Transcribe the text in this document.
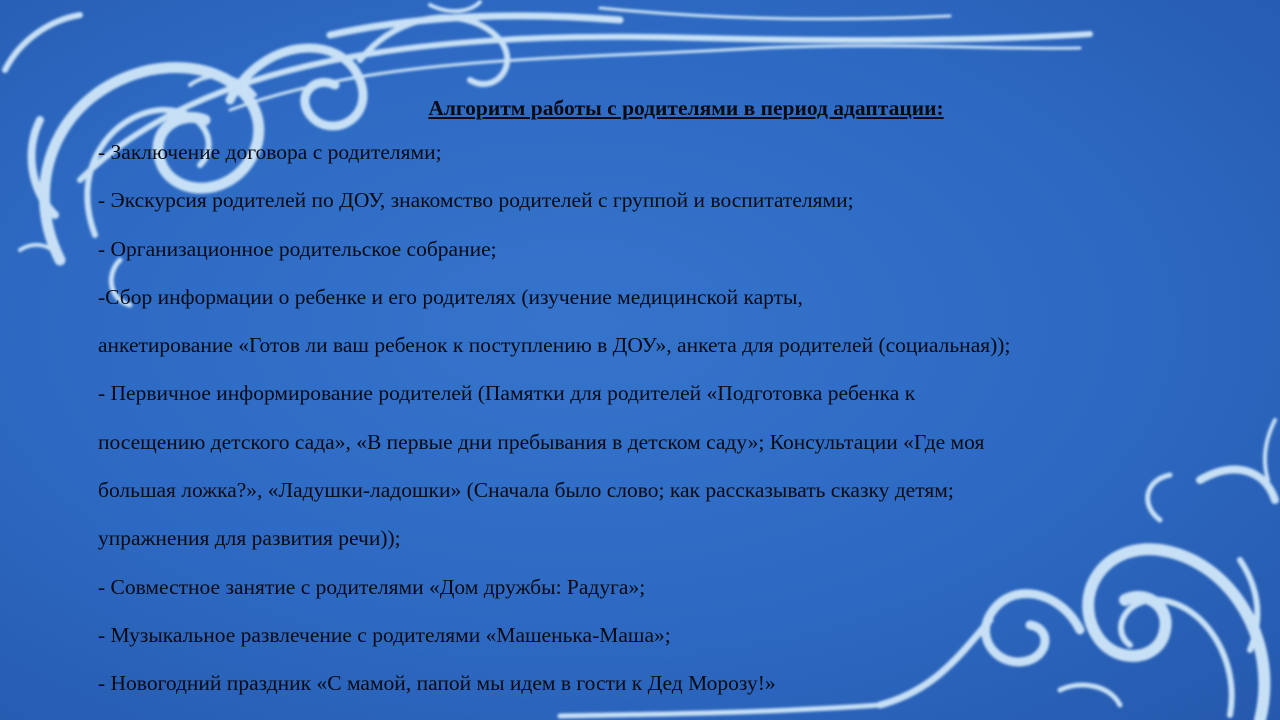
Алгоритм работы с родителями в период адаптации:
- Заключение договора с родителями;
- Экскурсия родителей по ДОУ, знакомство родителей с группой и воспитателями;
- Организационное родительское собрание;
-Сбор информации о ребенке и его родителях (изучение медицинской карты,
анкетирование «Готов ли ваш ребенок к поступлению в ДОУ», анкета для родителей (социальная));
- Первичное информирование родителей (Памятки для родителей «Подготовка ребенка к
посещению детского сада», «В первые дни пребывания в детском саду»; Консультации «Где моя
большая ложка?», «Ладушки-ладошки» (Сначала было слово; как рассказывать сказку детям;
упражнения для развития речи));
- Совместное занятие с родителями «Дом дружбы: Радуга»;
- Музыкальное развлечение с родителями «Машенька-Маша»;
- Новогодний праздник «С мамой, папой мы идем в гости к Дед Морозу!»
